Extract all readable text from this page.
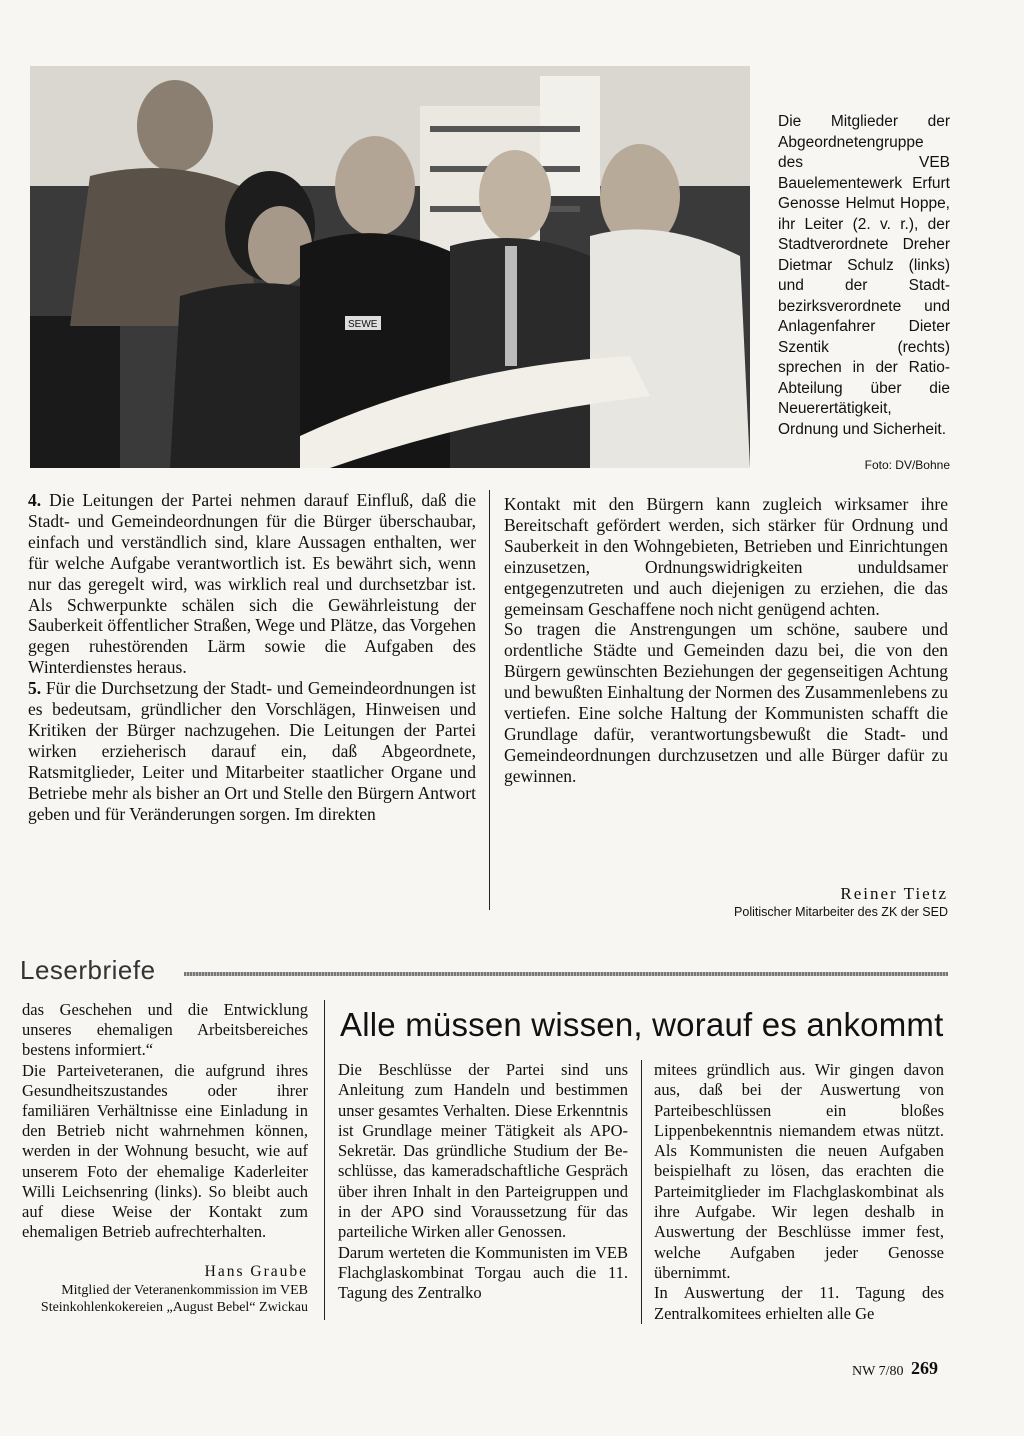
SEWE
Die Mitglieder der Abgeordnetengruppe des VEB Bauelementewerk Erfurt Genosse Helmut Hoppe, ihr Leiter (2. v. r.), der Stadtverordnete Dreher Dietmar Schulz (links) und der Stadtbezirksverordnete und Anlagenfahrer Dieter Szentik (rechts) sprechen in der Ratio-Abteilung über die Neuerertätigkeit, Ordnung und Sicherheit.
Foto: DV/Bohne

4. Die Leitungen der Partei nehmen darauf Einfluß, daß die Stadt- und Gemeindeordnungen für die Bürger überschaubar, einfach und verständlich sind, klare Aussagen enthalten, wer für welche Aufgabe verantwortlich ist. Es bewährt sich, wenn nur das geregelt wird, was wirklich real und durchsetzbar ist. Als Schwerpunkte schälen sich die Gewährleistung der Sauberkeit öffentlicher Straßen, Wege und Plätze, das Vorgehen gegen ruhestörenden Lärm sowie die Aufgaben des Winterdienstes heraus.

5. Für die Durchsetzung der Stadt- und Gemeindeordnungen ist es bedeutsam, gründlicher den Vorschlägen, Hinweisen und Kritiken der Bürger nachzugehen. Die Leitungen der Partei wirken erzieherisch darauf ein, daß Abgeordnete, Ratsmitglieder, Leiter und Mitarbeiter staatlicher Organe und Betriebe mehr als bisher an Ort und Stelle den Bürgern Antwort geben und für Veränderungen sorgen. Im direkten

Kontakt mit den Bürgern kann zugleich wirksamer ihre Bereitschaft gefördert werden, sich stärker für Ordnung und Sauberkeit in den Wohngebieten, Betrieben und Einrichtungen einzusetzen, Ordnungswidrigkeiten unduldsamer entgegenzutreten und auch diejenigen zu erziehen, die das gemeinsam Geschaffene noch nicht genügend achten.

So tragen die Anstrengungen um schöne, saubere und ordentliche Städte und Gemeinden dazu bei, die von den Bürgern gewünschten Beziehungen der gegenseitigen Achtung und bewußten Einhaltung der Normen des Zusammenlebens zu vertiefen. Eine solche Haltung der Kommunisten schafft die Grundlage dafür, verantwortungsbewußt die Stadt- und Gemeindeordnungen durchzusetzen und alle Bürger dafür zu gewinnen.

Reiner Tietz
Politischer Mitarbeiter des ZK der SED
Leserbriefe

das Geschehen und die Entwicklung unseres ehemaligen Arbeitsbereiches bestens informiert.“

Die Parteiveteranen, die aufgrund ihres Gesundheitszustandes oder ihrer familiären Verhältnisse eine Einladung in den Betrieb nicht wahrnehmen können, werden in der Wohnung besucht, wie auf unserem Foto der ehemalige Kaderleiter Willi Leichsenring (links). So bleibt auch auf diese Weise der Kontakt zum ehemaligen Betrieb aufrechterhalten.

Hans Graube
Mitglied der Veteranenkommission im VEB Steinkohlenkokereien „August Bebel“ Zwickau
Alle müssen wissen, worauf es ankommt

Die Beschlüsse der Partei sind uns Anleitung zum Handeln und bestimmen unser gesamtes Verhalten. Diese Erkenntnis ist Grundlage meiner Tätigkeit als APO-Sekretär. Das gründliche Studium der Beschlüsse, das kameradschaftliche Gespräch über ihren Inhalt in den Parteigruppen und in der APO sind Voraussetzung für das parteiliche Wirken aller Genossen.

Darum werteten die Kommunisten im VEB Flachglaskombinat Torgau auch die 11. Tagung des Zentralko

mitees gründlich aus. Wir gingen davon aus, daß bei der Auswertung von Parteibeschlüssen ein bloßes Lippenbekenntnis niemandem etwas nützt. Als Kommunisten die neuen Aufgaben beispielhaft zu lösen, das erachten die Parteimitglieder im Flachglaskombinat als ihre Aufgabe. Wir legen deshalb in Auswertung der Beschlüsse immer fest, welche Aufgaben jeder Genosse übernimmt.

In Auswertung der 11. Tagung des Zentralkomitees erhielten alle Ge

NW 7/80 269
